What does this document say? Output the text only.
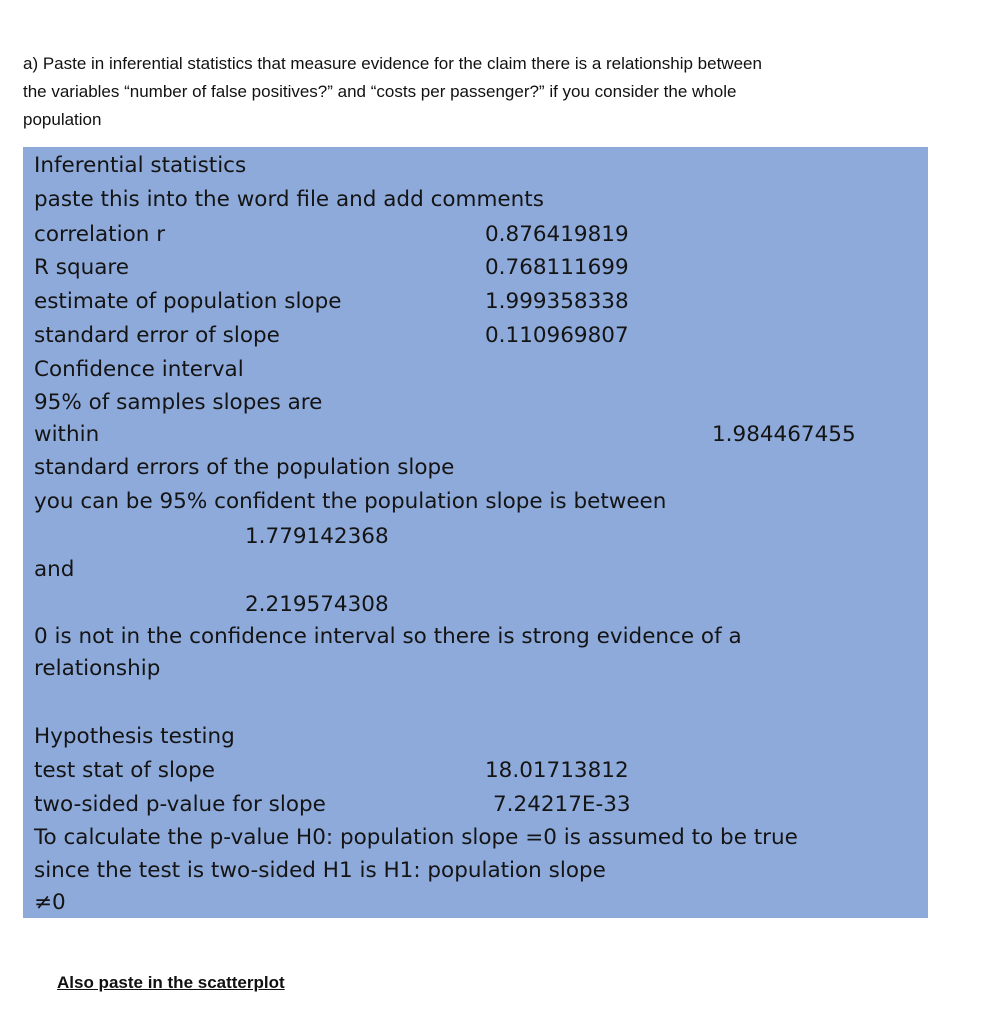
a) Paste in inferential statistics that measure evidence for the claim there is a relationship between
the variables “number of false positives?” and “costs per passenger?” if you consider the whole
population
Inferential statistics
paste this into the word file and add comments
correlation r	0.876419819
R square	0.768111699
estimate of population slope	1.999358338
standard error of slope	0.110969807
Confidence interval
95% of samples slopes are
within	1.984467455
standard errors of the population slope
you can be 95% confident the population slope is between
1.779142368
and
2.219574308
0 is not in the confidence interval so there is strong evidence of a
relationship
Hypothesis testing
test stat of slope	18.01713812
two-sided p-value for slope	7.24217E-33
To calculate the p-value H0: population slope =0 is assumed to be true
since the test is two-sided H1 is H1: population slope
≠0
Also paste in the scatterplot
